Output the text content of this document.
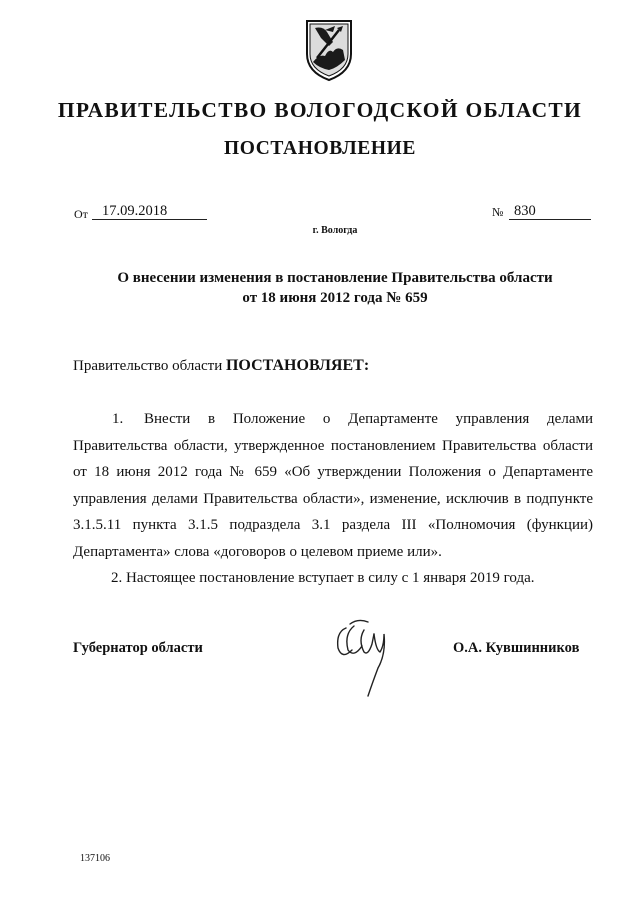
ПРАВИТЕЛЬСТВО ВОЛОГОДСКОЙ ОБЛАСТИ
ПОСТАНОВЛЕНИЕ
От 17.09.2018	№ 830
г. Вологда
О внесении изменения в постановление Правительства области
от 18 июня 2012 года № 659
Правительство области ПОСТАНОВЛЯЕТ:

1. Внести в Положение о Департаменте управления делами Правительства области, утвержденное постановлением Правительства области от 18 июня 2012 года № 659 «Об утверждении Положения о Департаменте управления делами Правительства области», изменение, исключив в подпункте 3.1.5.11 пункта 3.1.5 подраздела 3.1 раздела III «Полномочия (функции) Департамента» слова «договоров о целевом приеме или».

2. Настоящее постановление вступает в силу с 1 января 2019 года.

Губернатор области	О.А. Кувшинников
137106
